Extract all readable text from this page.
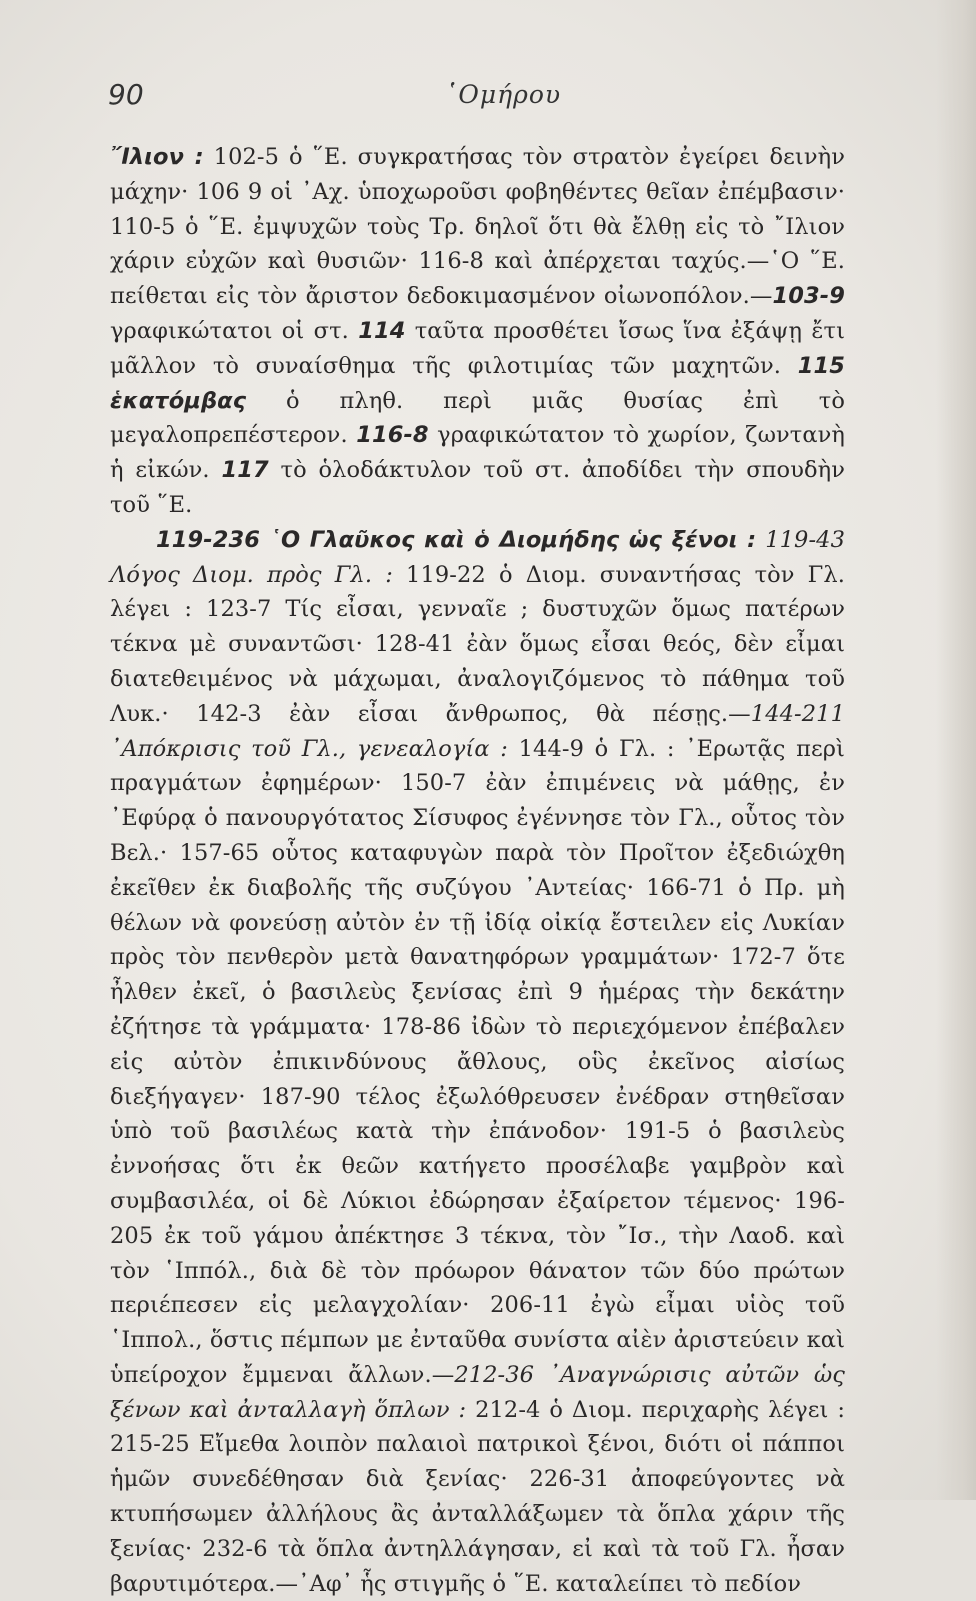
90	῾Ομήρου

῎Ιλιον : 102-5 ὁ ῞Ε. συγκρατήσας τὸν στρατὸν ἐγείρει δεινὴν μάχην· 106 9 οἱ ᾿Αχ. ὑποχωροῦσι φοβηθέντες θεῖαν ἐπέμβασιν· 110-5 ὁ ῞Ε. ἐμψυχῶν τοὺς Τρ. δηλοῖ ὅτι θὰ ἔλθῃ εἰς τὸ ῎Ιλιον χάριν εὐχῶν καὶ θυσιῶν· 116-8 καὶ ἀπέρχεται ταχύς.—῾Ο ῞Ε. πείθεται εἰς τὸν ἄριστον δεδοκιμασμένον οἰωνοπόλον.—103-9 γραφικώτατοι οἱ στ. 114 ταῦτα προσθέτει ἴσως ἵνα ἐξάψῃ ἔτι μᾶλλον τὸ συναίσθημα τῆς φιλοτιμίας τῶν μαχητῶν. 115 ἑκατόμβας ὁ πληθ. περὶ μιᾶς θυσίας ἐπὶ τὸ μεγαλοπρεπέστερον. 116-8 γραφικώτατον τὸ χωρίον, ζωντανὴ ἡ εἰκών. 117 τὸ ὁλοδάκτυλον τοῦ στ. ἀποδίδει τὴν σπουδὴν τοῦ ῞Ε.

119-236 ῾Ο Γλαῦκος καὶ ὁ Διομήδης ὡς ξένοι : 119-43 Λόγος Διομ. πρὸς Γλ. : 119-22 ὁ Διομ. συναντήσας τὸν Γλ. λέγει : 123-7 Τίς εἶσαι, γενναῖε ; δυστυχῶν ὅμως πατέρων τέκνα μὲ συναντῶσι· 128-41 ἐὰν ὅμως εἶσαι θεός, δὲν εἶμαι διατεθειμένος νὰ μάχωμαι, ἀναλογιζόμενος τὸ πάθημα τοῦ Λυκ.· 142-3 ἐὰν εἶσαι ἄνθρωπος, θὰ πέσῃς.—144-211 ᾿Απόκρισις τοῦ Γλ., γενεαλογία : 144-9 ὁ Γλ. : ᾿Ερωτᾷς περὶ πραγμάτων ἐφημέρων· 150-7 ἐὰν ἐπιμένεις νὰ μάθῃς, ἐν ᾿Εφύρᾳ ὁ πανουργότατος Σίσυφος ἐγέννησε τὸν Γλ., οὗτος τὸν Βελ.· 157-65 οὗτος καταφυγὼν παρὰ τὸν Προῖτον ἐξεδιώχθη ἐκεῖθεν ἐκ διαβολῆς τῆς συζύγου ᾿Αντείας· 166-71 ὁ Πρ. μὴ θέλων νὰ φονεύσῃ αὐτὸν ἐν τῇ ἰδίᾳ οἰκίᾳ ἔστειλεν εἰς Λυκίαν πρὸς τὸν πενθερὸν μετὰ θανατηφόρων γραμμάτων· 172-7 ὅτε ἦλθεν ἐκεῖ, ὁ βασιλεὺς ξενίσας ἐπὶ 9 ἡμέρας τὴν δεκάτην ἐζήτησε τὰ γράμματα· 178-86 ἰδὼν τὸ περιεχόμενον ἐπέβαλεν εἰς αὐτὸν ἐπικινδύνους ἄθλους, οὓς ἐκεῖνος αἰσίως διεξήγαγεν· 187-90 τέλος ἐξωλόθρευσεν ἐνέδραν στηθεῖσαν ὑπὸ τοῦ βασιλέως κατὰ τὴν ἐπάνοδον· 191-5 ὁ βασιλεὺς ἐννοήσας ὅτι ἐκ θεῶν κατήγετο προσέλαβε γαμβρὸν καὶ συμβασιλέα, οἱ δὲ Λύκιοι ἐδώρησαν ἐξαίρετον τέμενος· 196-205 ἐκ τοῦ γάμου ἀπέκτησε 3 τέκνα, τὸν ῎Ισ., τὴν Λαοδ. καὶ τὸν ῾Ιππόλ., διὰ δὲ τὸν πρόωρον θάνατον τῶν δύο πρώτων περιέπεσεν εἰς μελαγχολίαν· 206-11 ἐγὼ εἶμαι υἱὸς τοῦ ῾Ιππολ., ὅστις πέμπων με ἐνταῦθα συνίστα αἰὲν ἀριστεύειν καὶ ὑπείροχον ἔμμεναι ἄλλων.—212-36 ᾿Αναγνώρισις αὐτῶν ὡς ξένων καὶ ἀνταλλαγὴ ὅπλων : 212-4 ὁ Διομ. περιχαρὴς λέγει : 215-25 Εἴμεθα λοιπὸν παλαιοὶ πατρικοὶ ξένοι, διότι οἱ πάπποι ἡμῶν συνεδέθησαν διὰ ξενίας· 226-31 ἀποφεύγοντες νὰ κτυπήσωμεν ἀλλήλους ἂς ἀνταλλάξωμεν τὰ ὅπλα χάριν τῆς ξενίας· 232-6 τὰ ὅπλα ἀντηλλάγησαν, εἰ καὶ τὰ τοῦ Γλ. ἦσαν βαρυτιμότερα.—᾿Αφ᾿ ἧς στιγμῆς ὁ ῞Ε. καταλείπει τὸ πεδίον
